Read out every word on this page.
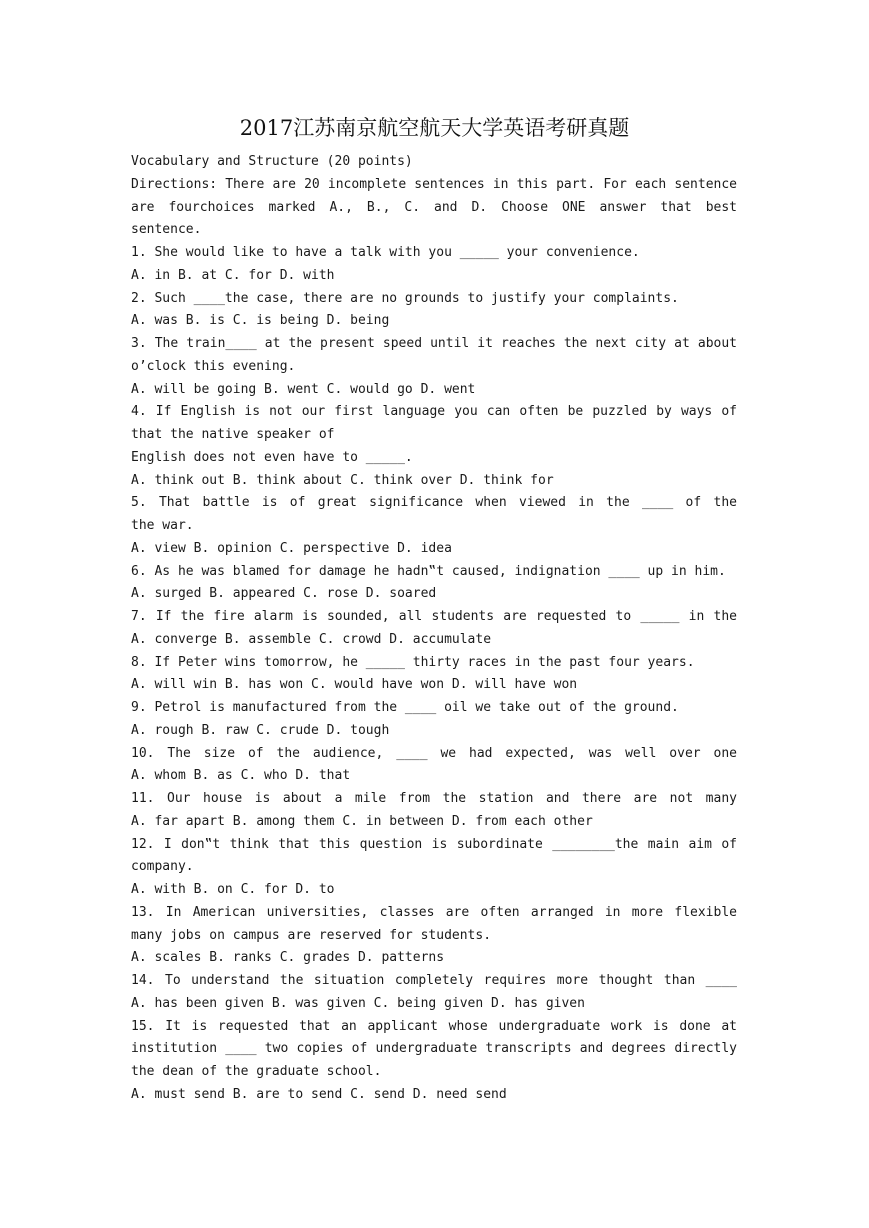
2017江苏南京航空航天大学英语考研真题
Vocabulary and Structure (20 points)
Directions: There are 20 incomplete sentences in this part. For each sentence
are fourchoices marked A., B., C. and D. Choose ONE answer that best
sentence.
1. She would like to have a talk with you _____ your convenience.
A. in B. at C. for D. with
2. Such ____the case, there are no grounds to justify your complaints.
A. was B. is C. is being D. being
3. The train____ at the present speed until it reaches the next city at about
o’clock this evening.
A. will be going B. went C. would go D. went
4. If English is not our first language you can often be puzzled by ways of
that the native speaker of
English does not even have to _____.
A. think out B. think about C. think over D. think for
5. That battle is of great significance when viewed in the ____ of the
the war.
A. view B. opinion C. perspective D. idea
6. As he was blamed for damage he hadn‟t caused, indignation ____ up in him.
A. surged B. appeared C. rose D. soared
7. If the fire alarm is sounded, all students are requested to _____ in the
A. converge B. assemble C. crowd D. accumulate
8. If Peter wins tomorrow, he _____ thirty races in the past four years.
A. will win B. has won C. would have won D. will have won
9. Petrol is manufactured from the ____ oil we take out of the ground.
A. rough B. raw C. crude D. tough
10. The size of the audience, ____ we had expected, was well over one
A. whom B. as C. who D. that
11. Our house is about a mile from the station and there are not many
A. far apart B. among them C. in between D. from each other
12. I don‟t think that this question is subordinate ________the main aim of
company.
A. with B. on C. for D. to
13. In American universities, classes are often arranged in more flexible
many jobs on campus are reserved for students.
A. scales B. ranks C. grades D. patterns
14. To understand the situation completely requires more thought than ____
A. has been given B. was given C. being given D. has given
15. It is requested that an applicant whose undergraduate work is done at
institution ____ two copies of undergraduate transcripts and degrees directly
the dean of the graduate school.
A. must send B. are to send C. send D. need send
